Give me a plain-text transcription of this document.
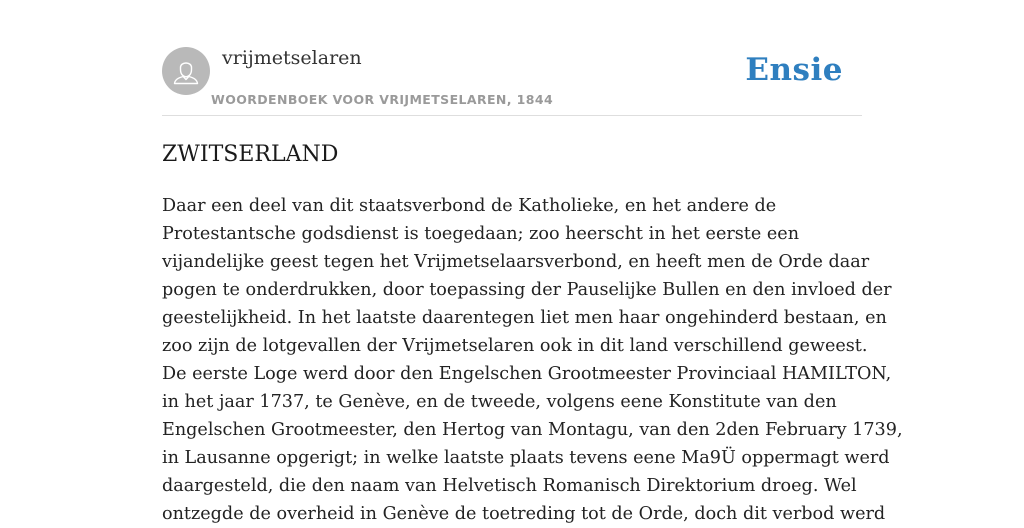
vrijmetselaren
WOORDENBOEK VOOR VRIJMETSELAREN, 1844
Ensie
ZWITSERLAND
Daar een deel van dit staatsverbond de Katholieke, en het andere de
Protestantsche godsdienst is toegedaan; zoo heerscht in het eerste een
vijandelijke geest tegen het Vrijmetselaarsverbond, en heeft men de Orde daar
pogen te onderdrukken, door toepassing der Pauselijke Bullen en den invloed der
geestelijkheid. In het laatste daarentegen liet men haar ongehinderd bestaan, en
zoo zijn de lotgevallen der Vrijmetselaren ook in dit land verschillend geweest.
De eerste Loge werd door den Engelschen Grootmeester Provinciaal HAMILTON,
in het jaar 1737, te Genève, en de tweede, volgens eene Konstitute van den
Engelschen Grootmeester, den Hertog van Montagu, van den 2den February 1739,
in Lausanne opgerigt; in welke laatste plaats tevens eene Ma9Ü oppermagt werd
daargesteld, die den naam van Helvetisch Romanisch Direktorium droeg. Wel
ontzegde de overheid in Genève de toetreding tot de Orde, doch dit verbod werd
